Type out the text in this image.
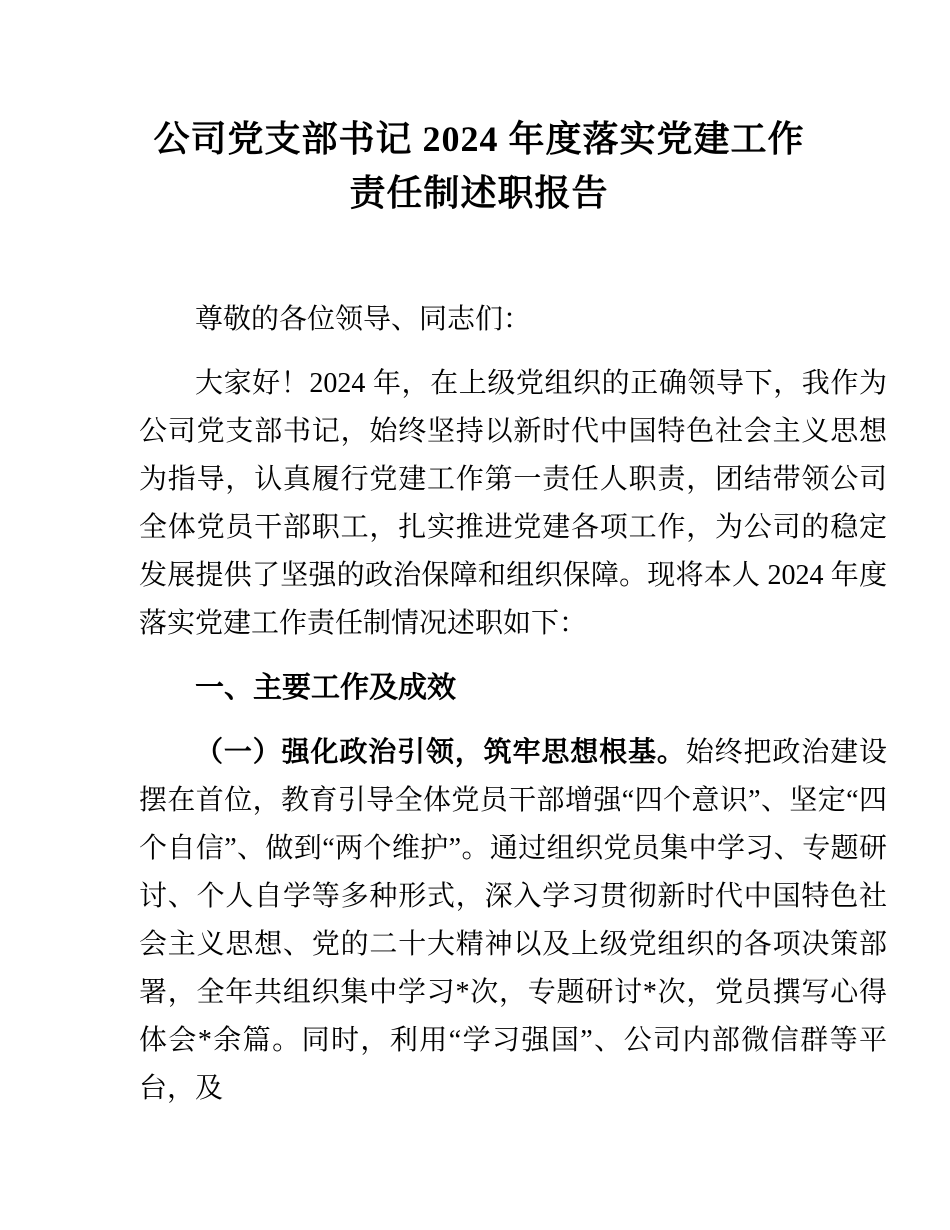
公司党支部书记 2024 年度落实党建工作责任制述职报告

尊敬的各位领导、同志们：

大家好！2024 年，在上级党组织的正确领导下，我作为公司党支部书记，始终坚持以新时代中国特色社会主义思想为指导，认真履行党建工作第一责任人职责，团结带领公司全体党员干部职工，扎实推进党建各项工作，为公司的稳定发展提供了坚强的政治保障和组织保障。现将本人 2024 年度落实党建工作责任制情况述职如下：

一、主要工作及成效

（一）强化政治引领，筑牢思想根基。始终把政治建设摆在首位，教育引导全体党员干部增强“四个意识”、坚定“四个自信”、做到“两个维护”。通过组织党员集中学习、专题研讨、个人自学等多种形式，深入学习贯彻新时代中国特色社会主义思想、党的二十大精神以及上级党组织的各项决策部署，全年共组织集中学习*次，专题研讨*次，党员撰写心得体会*余篇。同时，利用“学习强国”、公司内部微信群等平台，及
